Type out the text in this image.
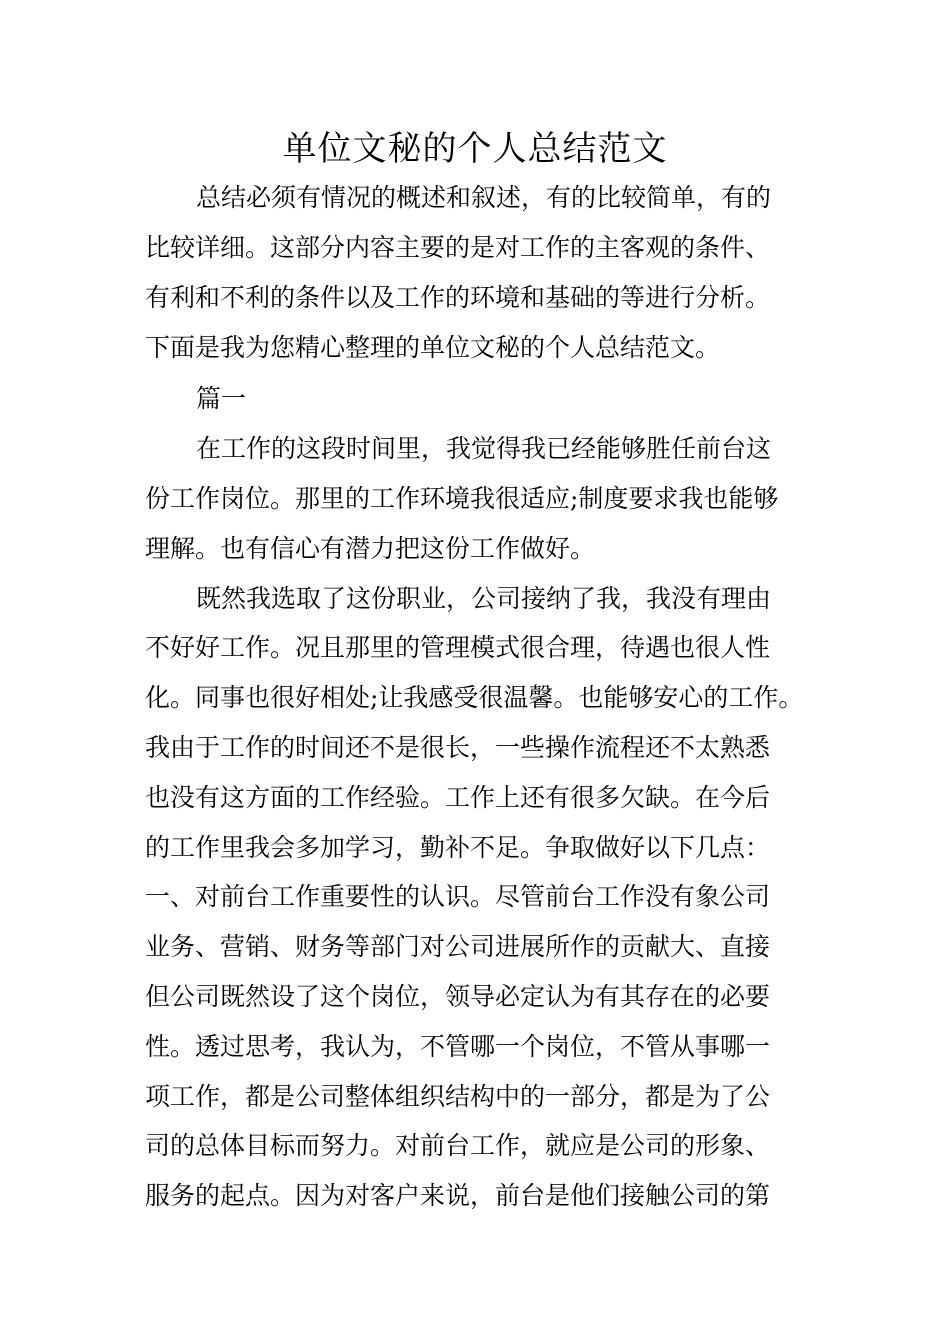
单位文秘的个人总结范文
总结必须有情况的概述和叙述，有的比较简单，有的
比较详细。这部分内容主要的是对工作的主客观的条件、
有利和不利的条件以及工作的环境和基础的等进行分析。
下面是我为您精心整理的单位文秘的个人总结范文。
篇一
在工作的这段时间里，我觉得我已经能够胜任前台这
份工作岗位。那里的工作环境我很适应;制度要求我也能够
理解。也有信心有潜力把这份工作做好。
既然我选取了这份职业，公司接纳了我，我没有理由
不好好工作。况且那里的管理模式很合理，待遇也很人性
化。同事也很好相处;让我感受很温馨。也能够安心的工作。
我由于工作的时间还不是很长，一些操作流程还不太熟悉
也没有这方面的工作经验。工作上还有很多欠缺。在今后
的工作里我会多加学习，勤补不足。争取做好以下几点：
一、对前台工作重要性的认识。尽管前台工作没有象公司
业务、营销、财务等部门对公司进展所作的贡献大、直接
但公司既然设了这个岗位，领导必定认为有其存在的必要
性。透过思考，我认为，不管哪一个岗位，不管从事哪一
项工作，都是公司整体组织结构中的一部分，都是为了公
司的总体目标而努力。对前台工作，就应是公司的形象、
服务的起点。因为对客户来说，前台是他们接触公司的第
